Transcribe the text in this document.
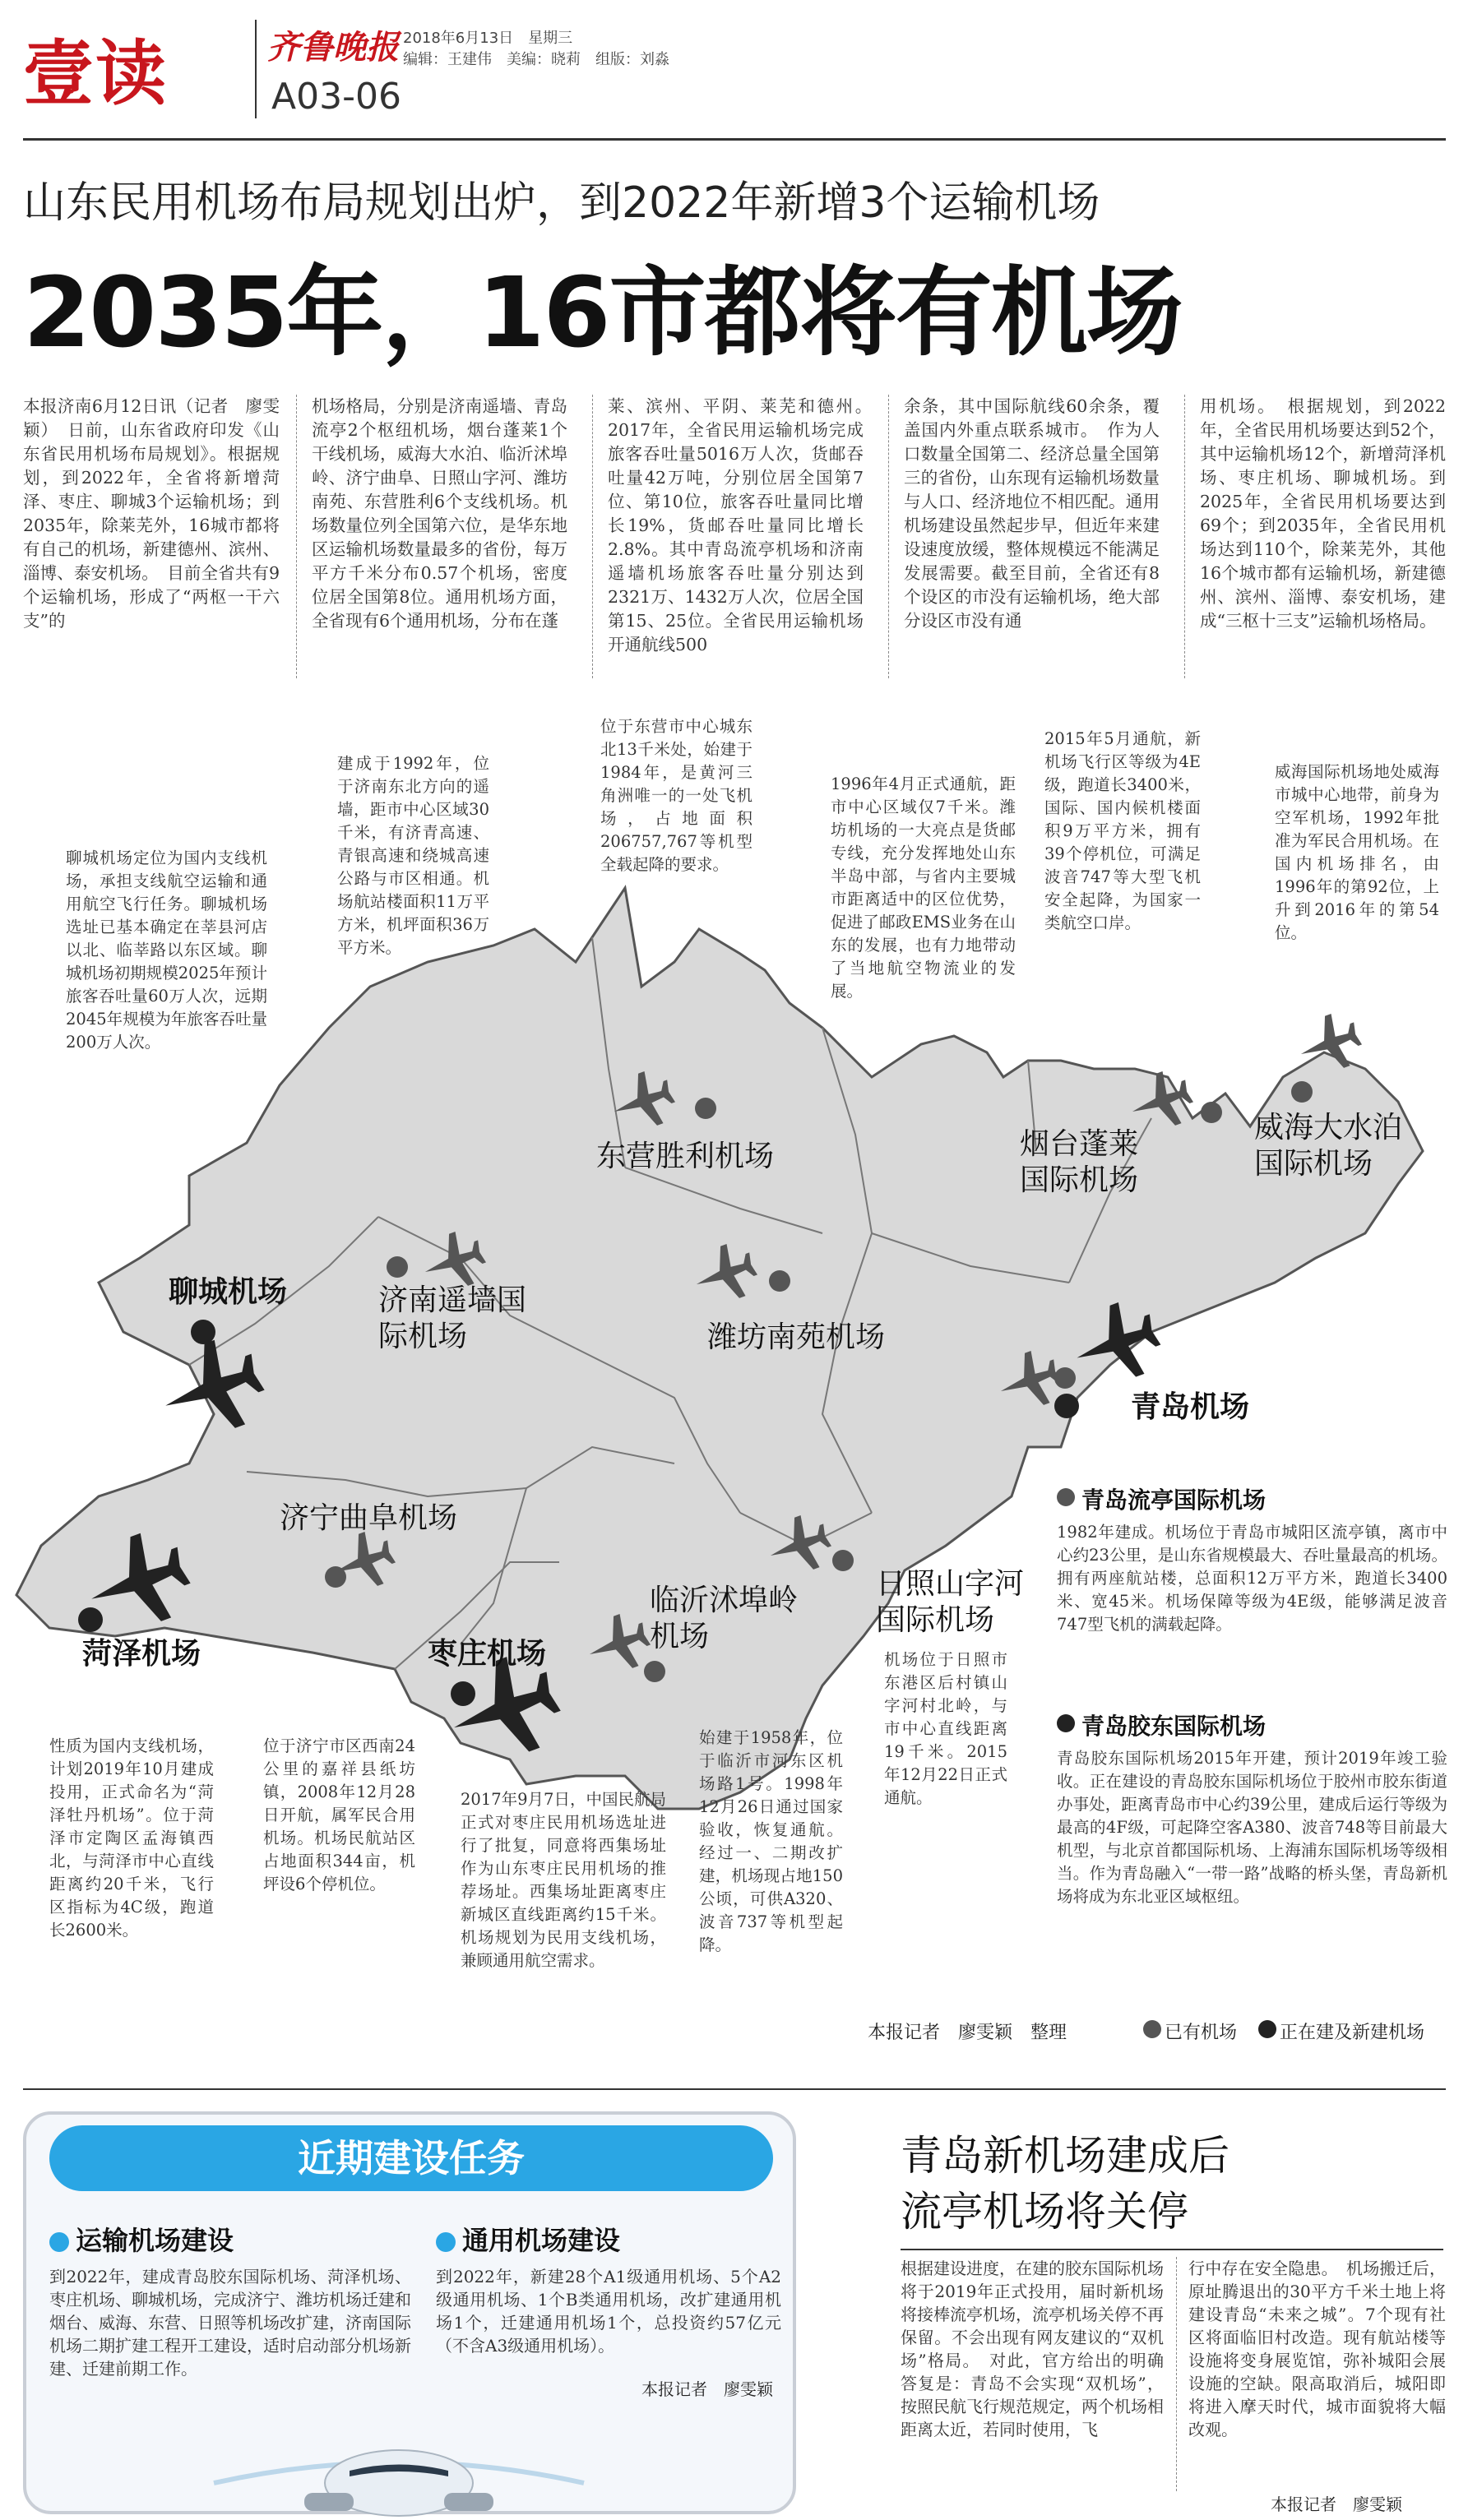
壹读	齐鲁晚报
A03-06
2018年6月13日　星期三
编辑：王建伟　美编：晓莉　组版：刘淼
山东民用机场布局规划出炉，到2022年新增3个运输机场
2035年，16市都将有机场
本报济南6月12日讯（记者　廖雯颖）　日前，山东省政府印发《山东省民用机场布局规划》。根据规划，到2022年，全省将新增菏泽、枣庄、聊城3个运输机场；到2035年，除莱芜外，16城市都将有自己的机场，新建德州、滨州、淄博、泰安机场。　目前全省共有9个运输机场，形成了“两枢一干六支”的
机场格局，分别是济南遥墙、青岛流亭2个枢纽机场，烟台蓬莱1个干线机场，威海大水泊、临沂沭埠岭、济宁曲阜、日照山字河、潍坊南苑、东营胜利6个支线机场。机场数量位列全国第六位，是华东地区运输机场数量最多的省份，每万平方千米分布0.57个机场，密度位居全国第8位。通用机场方面，全省现有6个通用机场，分布在蓬
莱、滨州、平阴、莱芜和德州。　2017年，全省民用运输机场完成旅客吞吐量5016万人次，货邮吞吐量42万吨，分别位居全国第7位、第10位，旅客吞吐量同比增长19%，货邮吞吐量同比增长2.8%。其中青岛流亭机场和济南遥墙机场旅客吞吐量分别达到2321万、1432万人次，位居全国第15、25位。全省民用运输机场开通航线500
余条，其中国际航线60余条，覆盖国内外重点联系城市。　作为人口数量全国第二、经济总量全国第三的省份，山东现有运输机场数量与人口、经济地位不相匹配。通用机场建设虽然起步早，但近年来建设速度放缓，整体规模远不能满足发展需要。截至目前，全省还有8个设区的市没有运输机场，绝大部分设区市没有通
用机场。　根据规划，到2022年，全省民用机场要达到52个，其中运输机场12个，新增菏泽机场、枣庄机场、聊城机场。到2025年，全省民用机场要达到69个；到2035年，全省民用机场达到110个，除莱芜外，其他16个城市都有运输机场，新建德州、滨州、淄博、泰安机场，建成“三枢十三支”运输机场格局。
东营胜利机场	烟台蓬莱国际机场
威海大水泊国际机场
聊城机场	济南遥墙国际机场	潍坊南苑机场
青岛机场
济宁曲阜机场
菏泽机场	枣庄机场
临沂沭埠岭机场
日照山字河国际机场
聊城机场定位为国内支线机场，承担支线航空运输和通用航空飞行任务。聊城机场选址已基本确定在莘县河店以北、临莘路以东区域。聊城机场初期规模2025年预计旅客吞吐量60万人次，远期2045年规模为年旅客吞吐量200万人次。
建成于1992年，位于济南东北方向的遥墙，距市中心区域30千米，有济青高速、青银高速和绕城高速公路与市区相通。机场航站楼面积11万平方米，机坪面积36万平方米。
位于东营市中心城东北13千米处，始建于1984年，是黄河三角洲唯一的一处飞机场，占地面积206757,767等机型全载起降的要求。
1996年4月正式通航，距市中心区域仅7千米。潍坊机场的一大亮点是货邮专线，充分发挥地处山东半岛中部，与省内主要城市距离适中的区位优势，促进了邮政EMS业务在山东的发展，也有力地带动了当地航空物流业的发展。
2015年5月通航，新机场飞行区等级为4E级，跑道长3400米，国际、国内候机楼面积9万平方米，拥有39个停机位，可满足波音747等大型飞机安全起降，为国家一类航空口岸。
威海国际机场地处威海市城中心地带，前身为空军机场，1992年批准为军民合用机场。在国内机场排名，由1996年的第92位，上升到2016年的第54位。
性质为国内支线机场，计划2019年10月建成投用，正式命名为“菏泽牡丹机场”。位于菏泽市定陶区孟海镇西北，与菏泽市中心直线距离约20千米，飞行区指标为4C级，跑道长2600米。
位于济宁市区西南24公里的嘉祥县纸坊镇，2008年12月28日开航，属军民合用机场。机场民航站区占地面积344亩，机坪设6个停机位。
2017年9月7日，中国民航局正式对枣庄民用机场选址进行了批复，同意将西集场址作为山东枣庄民用机场的推荐场址。西集场址距离枣庄新城区直线距离约15千米。机场规划为民用支线机场，兼顾通用航空需求。
始建于1958年，位于临沂市河东区机场路1号。1998年12月26日通过国家验收，恢复通航。经过一、二期改扩建，机场现占地150公顷，可供A320、波音737等机型起降。
机场位于日照市东港区后村镇山字河村北岭，与市中心直线距离19千米。2015年12月22日正式通航。
青岛流亭国际机场
1982年建成。机场位于青岛市城阳区流亭镇，离市中心约23公里，是山东省规模最大、吞吐量最高的机场。拥有两座航站楼，总面积12万平方米，跑道长3400米、宽45米。机场保障等级为4E级，能够满足波音747型飞机的满载起降。
青岛胶东国际机场
青岛胶东国际机场2015年开建，预计2019年竣工验收。正在建设的青岛胶东国际机场位于胶州市胶东街道办事处，距离青岛市中心约39公里，建成后运行等级为最高的4F级，可起降空客A380、波音748等目前最大机型，与北京首都国际机场、上海浦东国际机场等级相当。作为青岛融入“一带一路”战略的桥头堡，青岛新机场将成为东北亚区域枢纽。
本报记者　廖雯颖　整理	已有机场 正在建及新建机场
近期建设任务
运输机场建设
到2022年，建成青岛胶东国际机场、菏泽机场、枣庄机场、聊城机场，完成济宁、潍坊机场迁建和烟台、威海、东营、日照等机场改扩建，济南国际机场二期扩建工程开工建设，适时启动部分机场新建、迁建前期工作。
通用机场建设
到2022年，新建28个A1级通用机场、5个A2级通用机场、1个B类通用机场，改扩建通用机场1个，迁建通用机场1个，总投资约57亿元（不含A3级通用机场）。
本报记者　廖雯颖
青岛新机场建成后
流亭机场将关停
根据建设进度，在建的胶东国际机场将于2019年正式投用，届时新机场将接棒流亭机场，流亭机场关停不再保留。不会出现有网友建议的“双机场”格局。　对此，官方给出的明确答复是：青岛不会实现“双机场”，按照民航飞行规范规定，两个机场相距离太近，若同时使用，飞
行中存在安全隐患。　机场搬迁后，原址腾退出的30平方千米土地上将建设青岛“未来之城”。7个现有社区将面临旧村改造。现有航站楼等设施将变身展览馆，弥补城阳会展设施的空缺。限高取消后，城阳即将进入摩天时代，城市面貌将大幅改观。
本报记者　廖雯颖
